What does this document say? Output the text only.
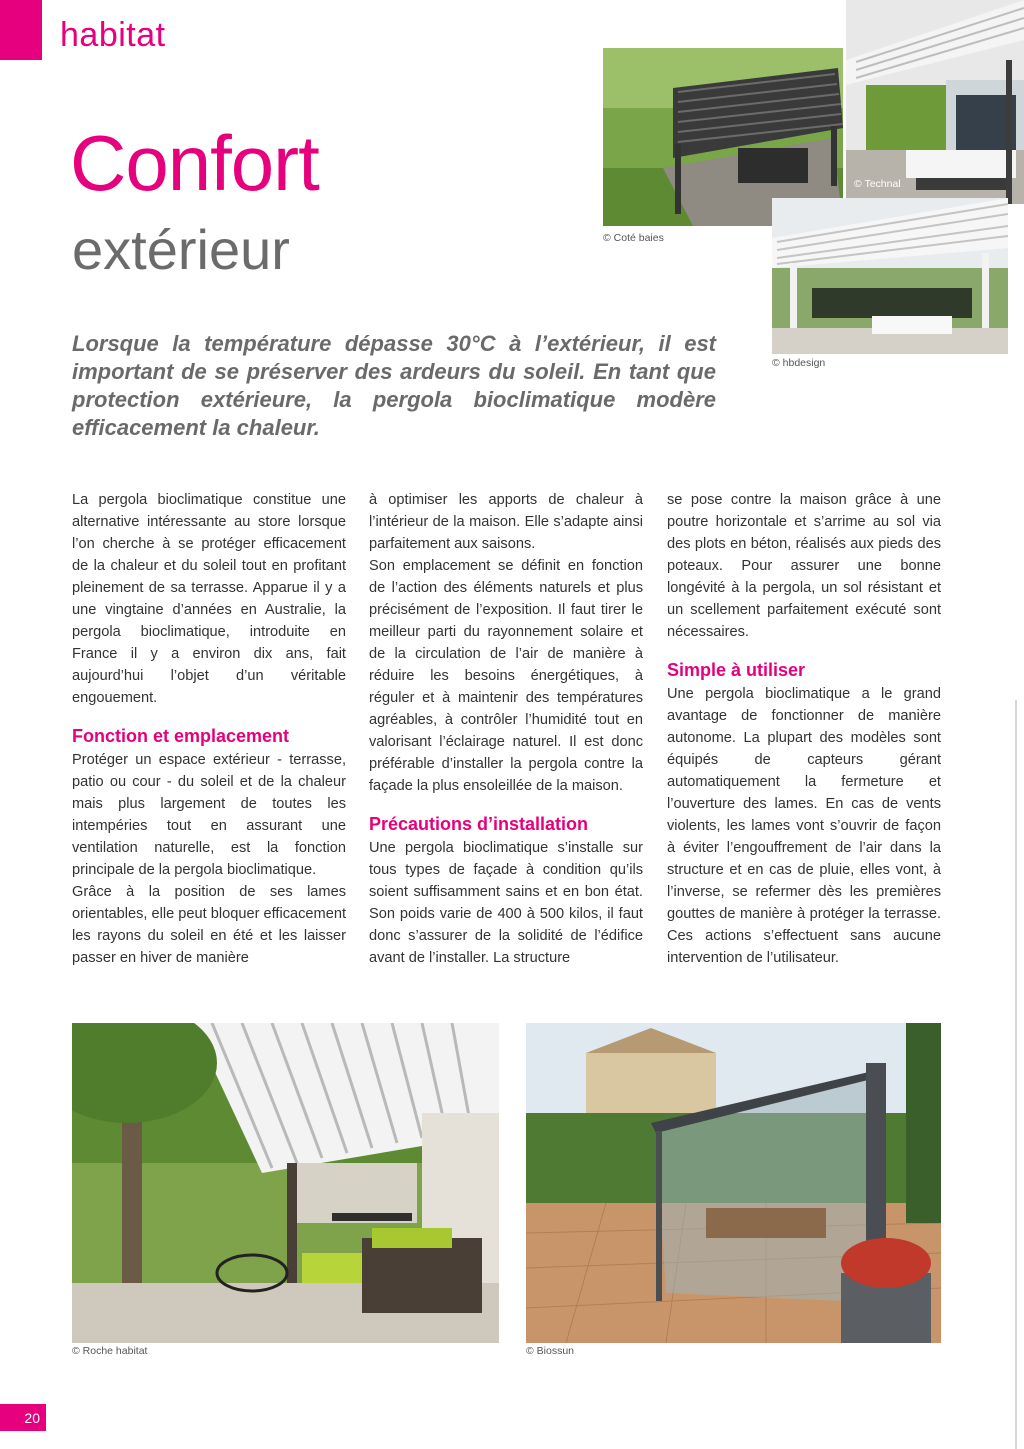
habitat
Confort
extérieur
Lorsque la température dépasse 30°C à l’extérieur, il est important de se préserver des ardeurs du soleil. En tant que protection extérieure, la pergola bioclimatique modère efficacement la chaleur.
© Coté baies
© Technal
© hbdesign

La pergola bioclimatique constitue une alternative intéressante au store lorsque l’on cherche à se protéger efficacement de la chaleur et du soleil tout en profitant pleinement de sa terrasse. Apparue il y a une vingtaine d’années en Australie, la pergola bioclimatique, introduite en France il y a environ dix ans, fait aujourd’hui l’objet d’un véritable engouement.

Fonction et emplacement

Protéger un espace extérieur - terrasse, patio ou cour - du soleil et de la chaleur mais plus largement de toutes les intempéries tout en assurant une ventilation naturelle, est la fonction principale de la pergola bioclimatique.

Grâce à la position de ses lames orientables, elle peut bloquer efficacement les rayons du soleil en été et les laisser passer en hiver de manière

à optimiser les apports de chaleur à l’intérieur de la maison. Elle s’adapte ainsi parfaitement aux saisons.

Son emplacement se définit en fonction de l’action des éléments naturels et plus précisément de l’exposition. Il faut tirer le meilleur parti du rayonnement solaire et de la circulation de l’air de manière à réduire les besoins énergétiques, à réguler et à maintenir des températures agréables, à contrôler l’humidité tout en valorisant l’éclairage naturel. Il est donc préférable d’installer la pergola contre la façade la plus ensoleillée de la maison.

Précautions d’installation

Une pergola bioclimatique s’installe sur tous types de façade à condition qu’ils soient suffisamment sains et en bon état. Son poids varie de 400 à 500 kilos, il faut donc s’assurer de la solidité de l’édifice avant de l’installer. La structure

se pose contre la maison grâce à une poutre horizontale et s’arrime au sol via des plots en béton, réalisés aux pieds des poteaux. Pour assurer une bonne longévité à la pergola, un sol résistant et un scellement parfaitement exécuté sont nécessaires.

Simple à utiliser

Une pergola bioclimatique a le grand avantage de fonctionner de manière autonome. La plupart des modèles sont équipés de capteurs gérant automatiquement la fermeture et l’ouverture des lames. En cas de vents violents, les lames vont s’ouvrir de façon à éviter l’engouffrement de l’air dans la structure et en cas de pluie, elles vont, à l’inverse, se refermer dès les premières gouttes de manière à protéger la terrasse. Ces actions s’effectuent sans aucune intervention de l’utilisateur.

© Roche habitat	© Biossun
20
